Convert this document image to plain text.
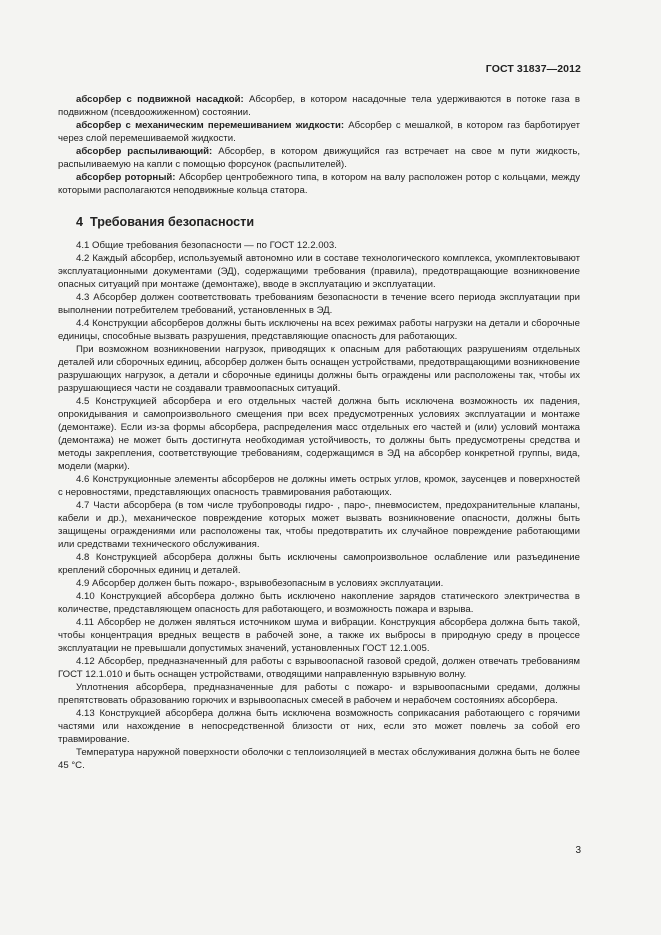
ГОСТ 31837—2012

абсорбер с подвижной насадкой: Абсорбер, в котором насадочные тела удерживаются в потоке газа в подвижном (псевдоожиженном) состоянии.

абсорбер с механическим перемешиванием жидкости: Абсорбер с мешалкой, в котором газ барботирует через слой перемешиваемой жидкости.

абсорбер распыливающий: Абсорбер, в котором движущийся газ встречает на свое м пути жидкость, распыливаемую на капли с помощью форсунок (распылителей).

абсорбер роторный: Абсорбер центробежного типа, в котором на валу расположен ротор с кольцами, между которыми располагаются неподвижные кольца статора.

4 Требования безопасности

4.1 Общие требования безопасности — по ГОСТ 12.2.003.

4.2 Каждый абсорбер, используемый автономно или в составе технологического комплекса, укомплектовывают эксплуатационными документами (ЭД), содержащими требования (правила), предотвращающие возникновение опасных ситуаций при монтаже (демонтаже), вводе в эксплуатацию и эксплуатации.

4.3 Абсорбер должен соответствовать требованиям безопасности в течение всего периода эксплуатации при выполнении потребителем требований, установленных в ЭД.

4.4 Конструкции абсорберов должны быть исключены на всех режимах работы нагрузки на детали и сборочные единицы, способные вызвать разрушения, представляющие опасность для работающих.

При возможном возникновении нагрузок, приводящих к опасным для работающих разрушениям отдельных деталей или сборочных единиц, абсорбер должен быть оснащен устройствами, предотвращающими возникновение разрушающих нагрузок, а детали и сборочные единицы должны быть ограждены или расположены так, чтобы их разрушающиеся части не создавали травмоопасных ситуаций.

4.5 Конструкцией абсорбера и его отдельных частей должна быть исключена возможность их падения, опрокидывания и самопроизвольного смещения при всех предусмотренных условиях эксплуатации и монтаже (демонтаже). Если из-за формы абсорбера, распределения масс отдельных его частей и (или) условий монтажа (демонтажа) не может быть достигнута необходимая устойчивость, то должны быть предусмотрены средства и методы закрепления, соответствующие требованиям, содержащимся в ЭД на абсорбер конкретной группы, вида, модели (марки).

4.6 Конструкционные элементы абсорберов не должны иметь острых углов, кромок, заусенцев и поверхностей с неровностями, представляющих опасность травмирования работающих.

4.7 Части абсорбера (в том числе трубопроводы гидро- , паро-, пневмосистем, предохранительные клапаны, кабели и др.), механическое повреждение которых может вызвать возникновение опасности, должны быть защищены ограждениями или расположены так, чтобы предотвратить их случайное повреждение работающими или средствами технического обслуживания.

4.8 Конструкцией абсорбера должны быть исключены самопроизвольное ослабление или разъединение креплений сборочных единиц и деталей.

4.9 Абсорбер должен быть пожаро-, взрывобезопасным в условиях эксплуатации.

4.10 Конструкцией абсорбера должно быть исключено накопление зарядов статического электричества в количестве, представляющем опасность для работающего, и возможность пожара и взрыва.

4.11 Абсорбер не должен являться источником шума и вибрации. Конструкция абсорбера должна быть такой, чтобы концентрация вредных веществ в рабочей зоне, а также их выбросы в природную среду в процессе эксплуатации не превышали допустимых значений, установленных ГОСТ 12.1.005.

4.12 Абсорбер, предназначенный для работы с взрывоопасной газовой средой, должен отвечать требованиям ГОСТ 12.1.010 и быть оснащен устройствами, отводящими направленную взрывную волну.

Уплотнения абсорбера, предназначенные для работы с пожаро- и взрывоопасными средами, должны препятствовать образованию горючих и взрывоопасных смесей в рабочем и нерабочем состояниях абсорбера.

4.13 Конструкцией абсорбера должна быть исключена возможность соприкасания работающего с горячими частями или нахождение в непосредственной близости от них, если это может повлечь за собой его травмирование.

Температура наружной поверхности оболочки с теплоизоляцией в местах обслуживания должна быть не более 45 °С.

3
